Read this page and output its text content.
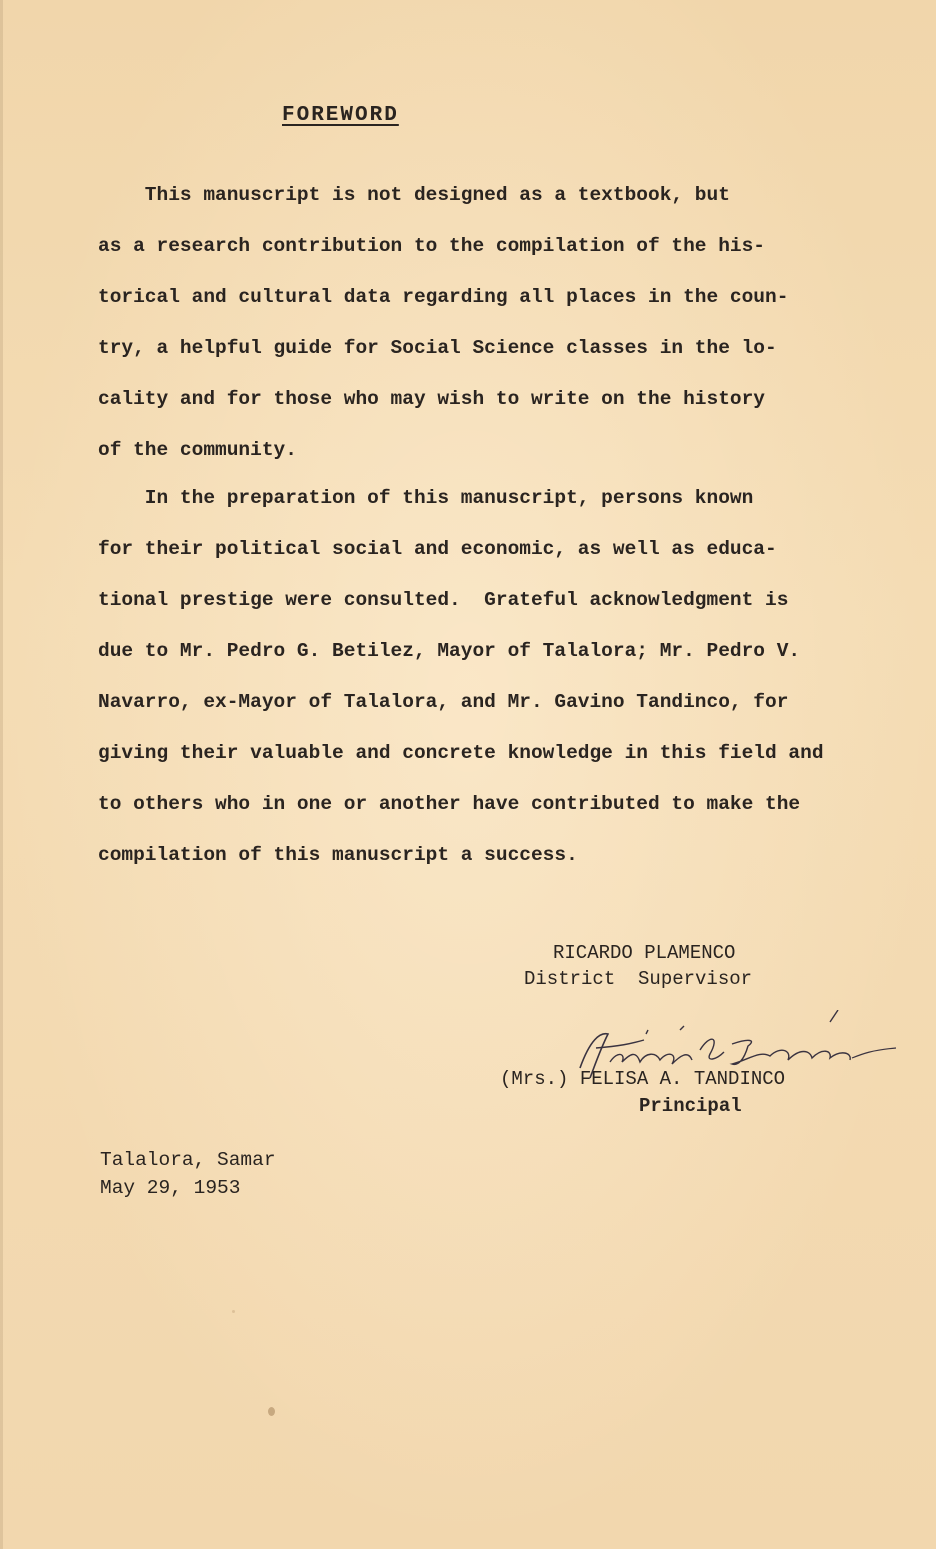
FOREWORD
This manuscript is not designed as a textbook, but
as a research contribution to the compilation of the his-
torical and cultural data regarding all places in the coun-
try, a helpful guide for Social Science classes in the lo-
cality and for those who may wish to write on the history
of the community.
In the preparation of this manuscript, persons known
for their political social and economic, as well as educa-
tional prestige were consulted.  Grateful acknowledgment is
due to Mr. Pedro G. Betilez, Mayor of Talalora; Mr. Pedro V.
Navarro, ex-Mayor of Talalora, and Mr. Gavino Tandinco, for
giving their valuable and concrete knowledge in this field and
to others who in one or another have contributed to make the
compilation of this manuscript a success.
RICARDO PLAMENCO
District  Supervisor
(Mrs.) FELISA A. TANDINCO
Principal
Talalora, Samar
May 29, 1953
